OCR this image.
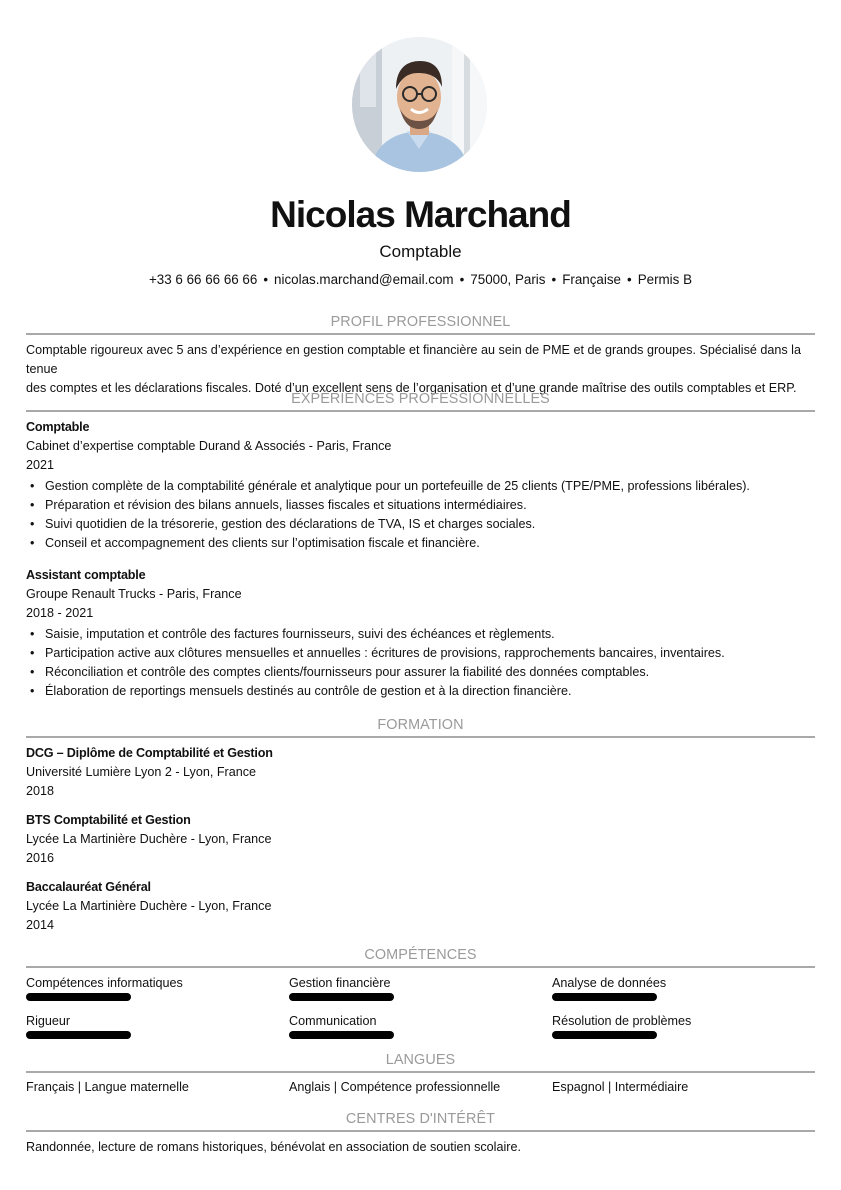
Nicolas Marchand
Comptable
+33 6 66 66 66 66 • nicolas.marchand@email.com • 75000, Paris • Française • Permis B
PROFIL PROFESSIONNEL
Comptable rigoureux avec 5 ans d’expérience en gestion comptable et financière au sein de PME et de grands groupes. Spécialisé dans la tenue
des comptes et les déclarations fiscales. Doté d’un excellent sens de l’organisation et d’une grande maîtrise des outils comptables et ERP.
EXPÉRIENCES PROFESSIONNELLES
Comptable
Cabinet d’expertise comptable Durand & Associés - Paris, France
2021
• Gestion complète de la comptabilité générale et analytique pour un portefeuille de 25 clients (TPE/PME, professions libérales).
• Préparation et révision des bilans annuels, liasses fiscales et situations intermédiaires.
• Suivi quotidien de la trésorerie, gestion des déclarations de TVA, IS et charges sociales.
• Conseil et accompagnement des clients sur l’optimisation fiscale et financière.
Assistant comptable
Groupe Renault Trucks - Paris, France
2018 - 2021
• Saisie, imputation et contrôle des factures fournisseurs, suivi des échéances et règlements.
• Participation active aux clôtures mensuelles et annuelles : écritures de provisions, rapprochements bancaires, inventaires.
• Réconciliation et contrôle des comptes clients/fournisseurs pour assurer la fiabilité des données comptables.
• Élaboration de reportings mensuels destinés au contrôle de gestion et à la direction financière.
FORMATION
DCG – Diplôme de Comptabilité et Gestion
Université Lumière Lyon 2 - Lyon, France
2018
BTS Comptabilité et Gestion
Lycée La Martinière Duchère - Lyon, France
2016
Baccalauréat Général
Lycée La Martinière Duchère - Lyon, France
2014
COMPÉTENCES
Compétences informatiques	Gestion financière	Analyse de données
Rigueur	Communication	Résolution de problèmes
LANGUES
Français | Langue maternelle	Anglais | Compétence professionnelle	Espagnol | Intermédiaire
CENTRES D'INTÉRÊT
Randonnée, lecture de romans historiques, bénévolat en association de soutien scolaire.
